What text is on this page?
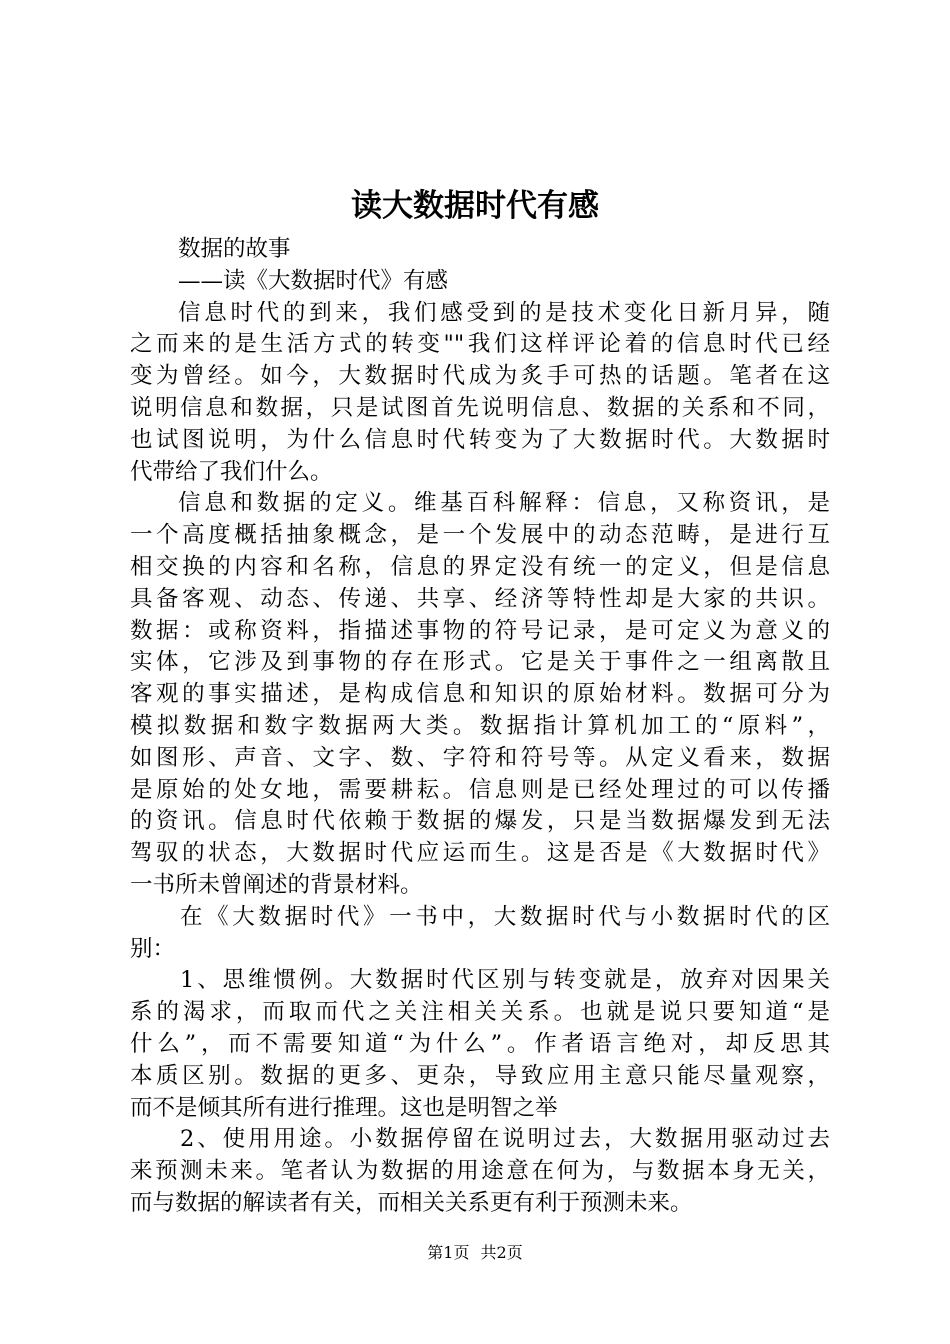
读大数据时代有感
数据的故事
——读《大数据时代》有感
信息时代的到来，我们感受到的是技术变化日新月异，随
之而来的是生活方式的转变""我们这样评论着的信息时代已经
变为曾经。如今，大数据时代成为炙手可热的话题。笔者在这
说明信息和数据，只是试图首先说明信息、数据的关系和不同，
也试图说明，为什么信息时代转变为了大数据时代。大数据时
代带给了我们什么。
信息和数据的定义。维基百科解释：信息，又称资讯，是
一个高度概括抽象概念，是一个发展中的动态范畴，是进行互
相交换的内容和名称，信息的界定没有统一的定义，但是信息
具备客观、动态、传递、共享、经济等特性却是大家的共识。
数据：或称资料，指描述事物的符号记录，是可定义为意义的
实体，它涉及到事物的存在形式。它是关于事件之一组离散且
客观的事实描述，是构成信息和知识的原始材料。数据可分为
模拟数据和数字数据两大类。数据指计算机加工的“原料”，
如图形、声音、文字、数、字符和符号等。从定义看来，数据
是原始的处女地，需要耕耘。信息则是已经处理过的可以传播
的资讯。信息时代依赖于数据的爆发，只是当数据爆发到无法
驾驭的状态，大数据时代应运而生。这是否是《大数据时代》
一书所未曾阐述的背景材料。
在《大数据时代》一书中，大数据时代与小数据时代的区
别：
1、思维惯例。大数据时代区别与转变就是，放弃对因果关
系的渴求，而取而代之关注相关关系。也就是说只要知道“是
什么”，而不需要知道“为什么”。作者语言绝对，却反思其
本质区别。数据的更多、更杂，导致应用主意只能尽量观察，
而不是倾其所有进行推理。这也是明智之举
2、使用用途。小数据停留在说明过去，大数据用驱动过去
来预测未来。笔者认为数据的用途意在何为，与数据本身无关，
而与数据的解读者有关，而相关关系更有利于预测未来。
第1页 共2页
